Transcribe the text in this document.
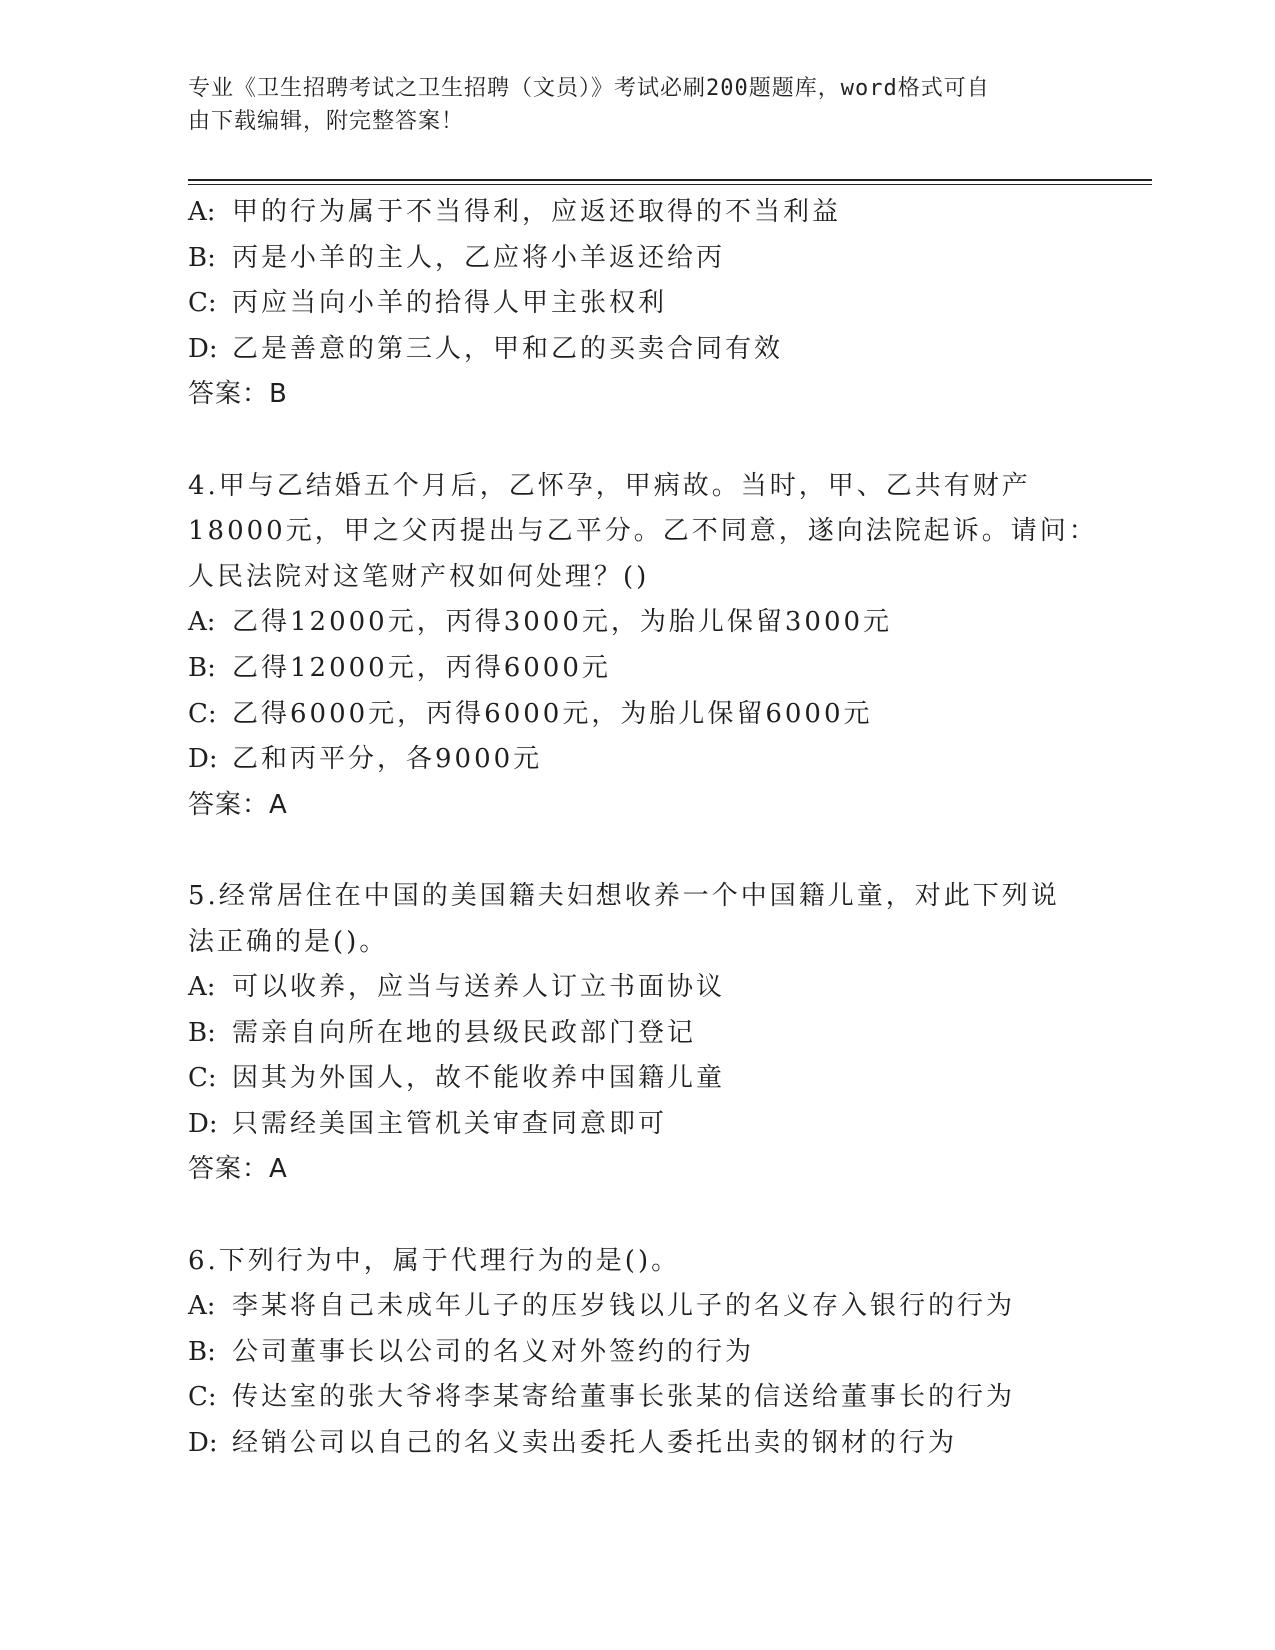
专业《卫生招聘考试之卫生招聘（文员）》考试必刷200题题库，word格式可自
由下载编辑，附完整答案！
A: 甲的行为属于不当得利，应返还取得的不当利益
B: 丙是小羊的主人，乙应将小羊返还给丙
C: 丙应当向小羊的拾得人甲主张权利
D: 乙是善意的第三人，甲和乙的买卖合同有效
答案：B
4.甲与乙结婚五个月后，乙怀孕，甲病故。当时，甲、乙共有财产
18000元，甲之父丙提出与乙平分。乙不同意，遂向法院起诉。请问：
人民法院对这笔财产权如何处理？()
A: 乙得12000元，丙得3000元，为胎儿保留3000元
B: 乙得12000元，丙得6000元
C: 乙得6000元，丙得6000元，为胎儿保留6000元
D: 乙和丙平分，各9000元
答案：A
5.经常居住在中国的美国籍夫妇想收养一个中国籍儿童，对此下列说
法正确的是()。
A: 可以收养，应当与送养人订立书面协议
B: 需亲自向所在地的县级民政部门登记
C: 因其为外国人，故不能收养中国籍儿童
D: 只需经美国主管机关审查同意即可
答案：A
6.下列行为中，属于代理行为的是()。
A: 李某将自己未成年儿子的压岁钱以儿子的名义存入银行的行为
B: 公司董事长以公司的名义对外签约的行为
C: 传达室的张大爷将李某寄给董事长张某的信送给董事长的行为
D: 经销公司以自己的名义卖出委托人委托出卖的钢材的行为
